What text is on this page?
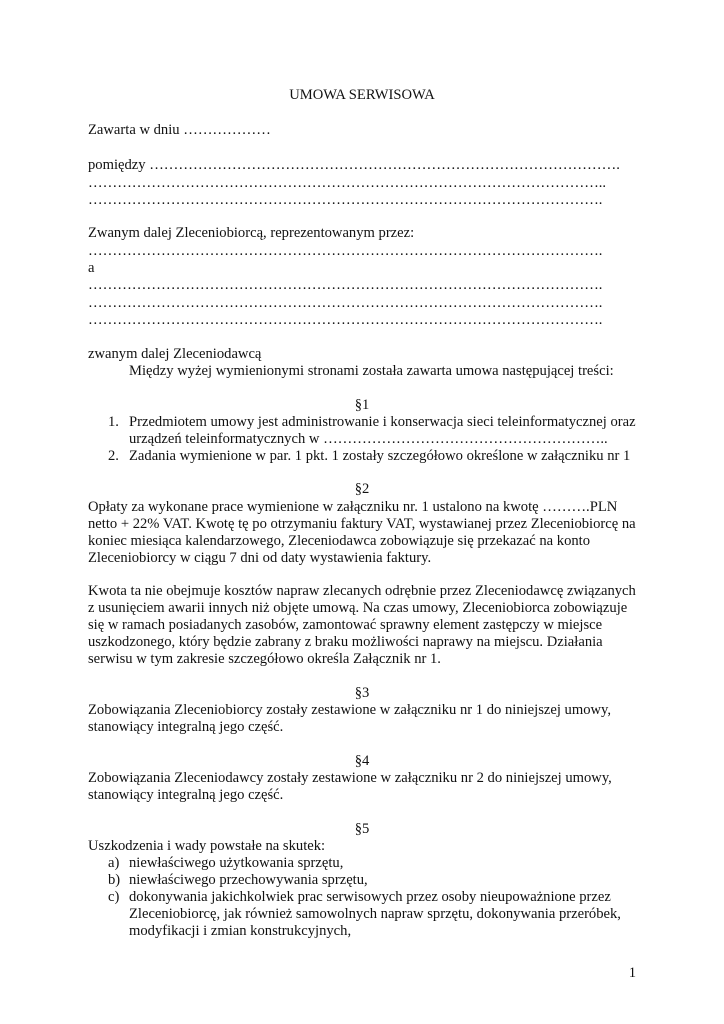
UMOWA SERWISOWA
Zawarta w dniu ………………
pomiędzy …………………………………………………………………………………….
……………………………………………………………………………………………..
…………………………………………………………………………………………….
Zwanym dalej Zleceniobiorcą, reprezentowanym przez:
…………………………………………………………………………………………….
a
…………………………………………………………………………………………….
…………………………………………………………………………………………….
…………………………………………………………………………………………….
zwanym dalej Zleceniodawcą
Między wyżej wymienionymi stronami została zawarta umowa następującej treści:
§1
1. Przedmiotem umowy jest administrowanie i konserwacja sieci teleinformatycznej oraz
urządzeń teleinformatycznych w …………………………………………………..
2. Zadania wymienione w par. 1 pkt. 1 zostały szczegółowo określone w załączniku nr 1
§2
Opłaty za wykonane prace wymienione w załączniku nr. 1 ustalono na kwotę ……….PLN
netto + 22% VAT. Kwotę tę po otrzymaniu faktury VAT, wystawianej przez Zleceniobiorcę na
koniec miesiąca kalendarzowego, Zleceniodawca zobowiązuje się przekazać na konto
Zleceniobiorcy w ciągu 7 dni od daty wystawienia faktury.
Kwota ta nie obejmuje kosztów napraw zlecanych odrębnie przez Zleceniodawcę związanych
z usunięciem awarii innych niż objęte umową. Na czas umowy, Zleceniobiorca zobowiązuje
się w ramach posiadanych zasobów, zamontować sprawny element zastępczy w miejsce
uszkodzonego, który będzie zabrany z braku możliwości naprawy na miejscu. Działania
serwisu w tym zakresie szczegółowo określa Załącznik nr 1.
§3
Zobowiązania Zleceniobiorcy zostały zestawione w załączniku nr 1 do niniejszej umowy,
stanowiący integralną jego część.
§4
Zobowiązania Zleceniodawcy zostały zestawione w załączniku nr 2 do niniejszej umowy,
stanowiący integralną jego część.
§5
Uszkodzenia i wady powstałe na skutek:
a) niewłaściwego użytkowania sprzętu,
b) niewłaściwego przechowywania sprzętu,
c) dokonywania jakichkolwiek prac serwisowych przez osoby nieupoważnione przez
Zleceniobiorcę, jak również samowolnych napraw sprzętu, dokonywania przeróbek,
modyfikacji i zmian konstrukcyjnych,
1
